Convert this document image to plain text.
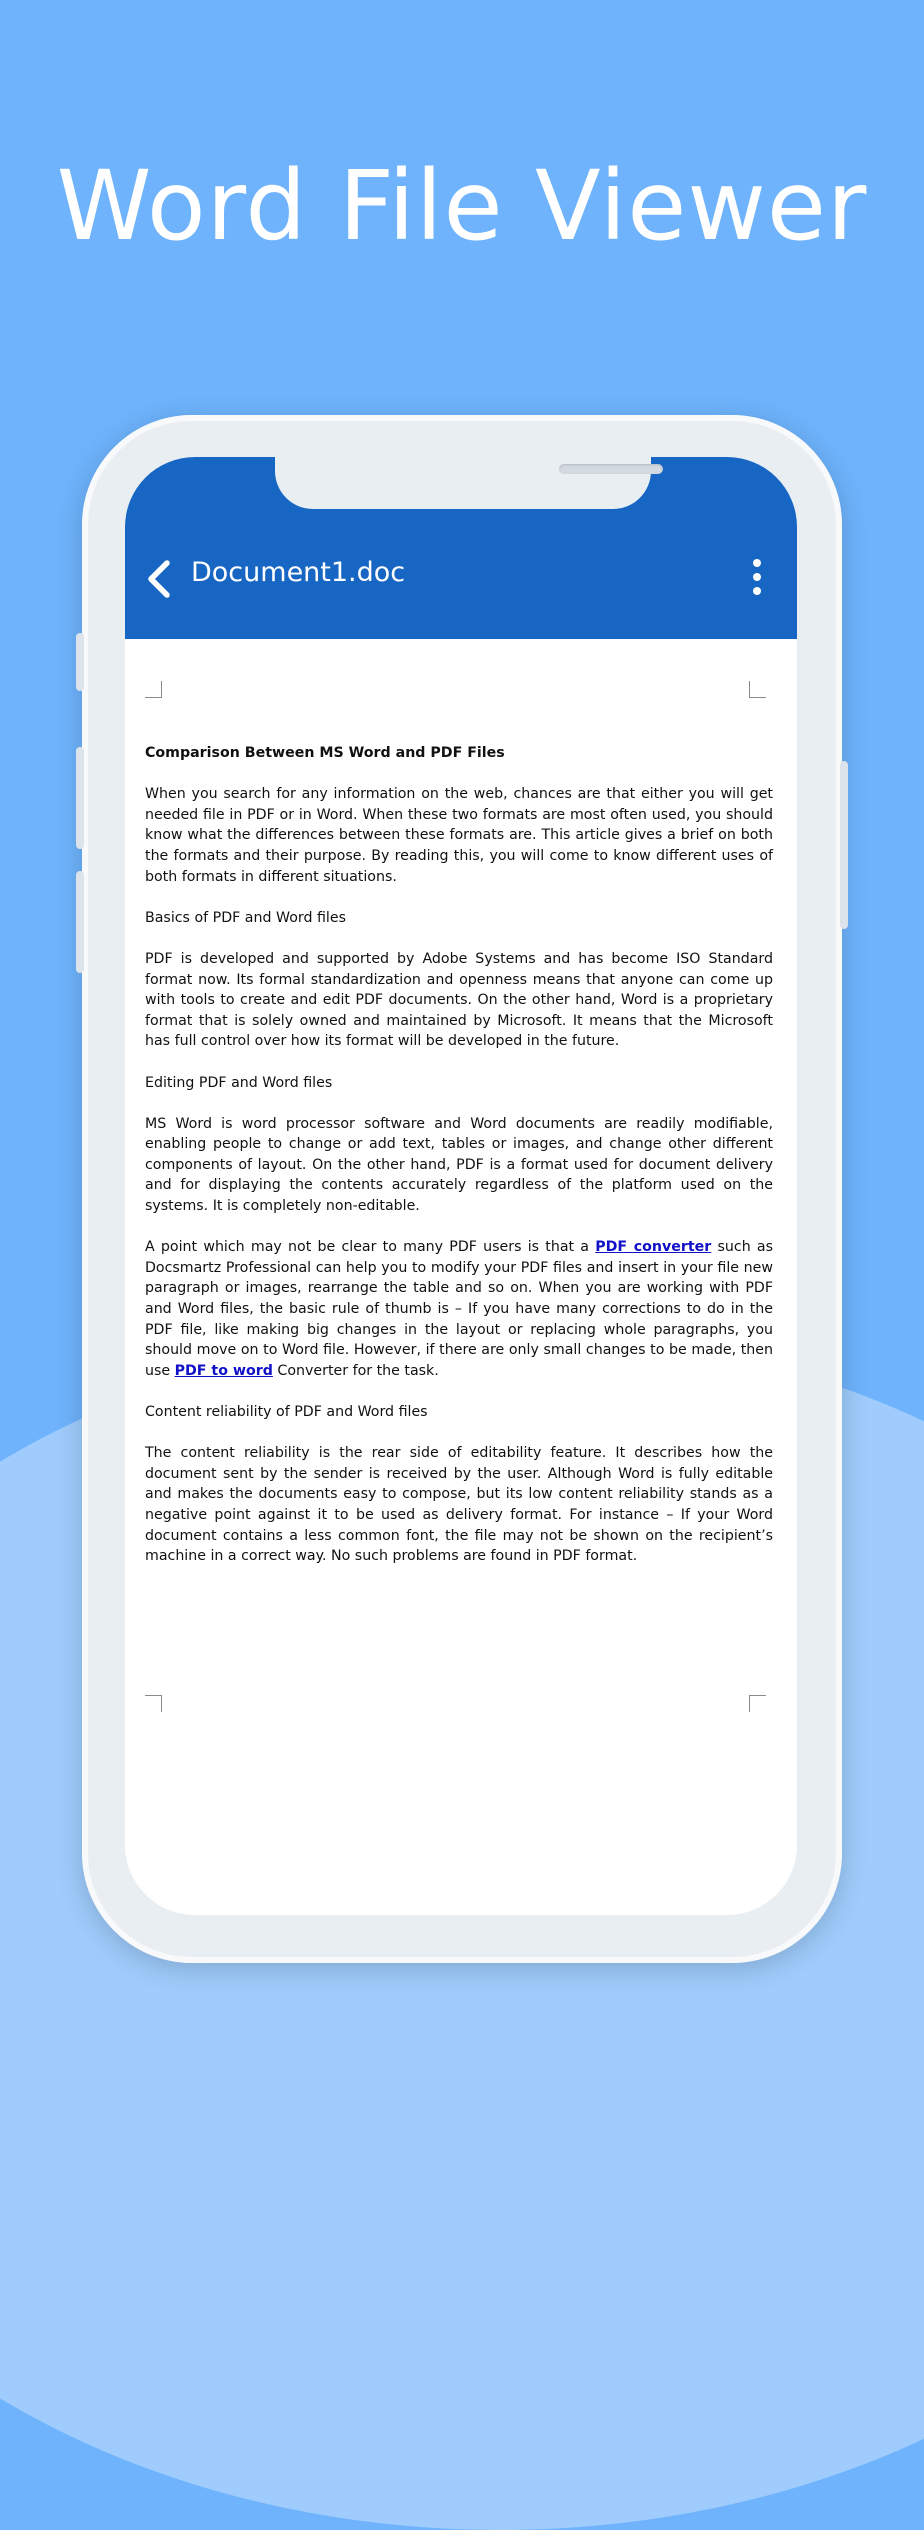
Word File Viewer
Document1.doc

Comparison Between MS Word and PDF Files

When you search for any information on the web, chances are that either you will get needed file in PDF or in Word. When these two formats are most often used, you should know what the differences between these formats are. This article gives a brief on both the formats and their purpose. By reading this, you will come to know different uses of both formats in different situations.

Basics of PDF and Word files

PDF is developed and supported by Adobe Systems and has become ISO Standard format now. Its formal standardization and openness means that anyone can come up with tools to create and edit PDF documents. On the other hand, Word is a proprietary format that is solely owned and maintained by Microsoft. It means that the Microsoft has full control over how its format will be developed in the future.

Editing PDF and Word files

MS Word is word processor software and Word documents are readily modifiable, enabling people to change or add text, tables or images, and change other different components of layout. On the other hand, PDF is a format used for document delivery and for displaying the contents accurately regardless of the platform used on the systems. It is completely non-editable.

A point which may not be clear to many PDF users is that a PDF converter such as Docsmartz Professional can help you to modify your PDF files and insert in your file new paragraph or images, rearrange the table and so on. When you are working with PDF and Word files, the basic rule of thumb is – If you have many corrections to do in the PDF file, like making big changes in the layout or replacing whole paragraphs, you should move on to Word file. However, if there are only small changes to be made, then use PDF to word Converter for the task.

Content reliability of PDF and Word files

The content reliability is the rear side of editability feature. It describes how the document sent by the sender is received by the user. Although Word is fully editable and makes the documents easy to compose, but its low content reliability stands as a negative point against it to be used as delivery format. For instance – If your Word document contains a less common font, the file may not be shown on the recipient’s machine in a correct way. No such problems are found in PDF format.
